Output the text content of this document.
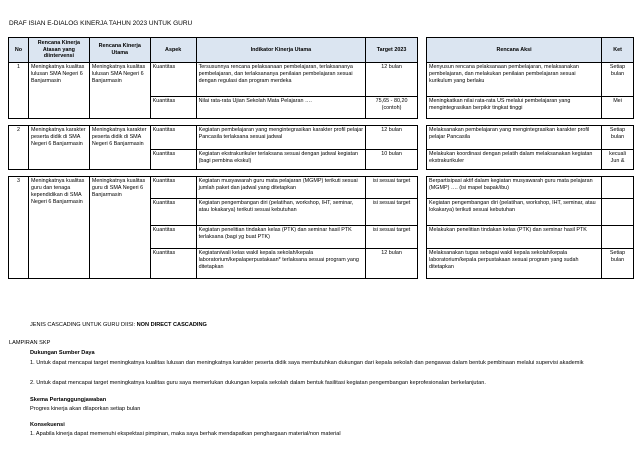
DRAF ISIAN E-DIALOG KINERJA TAHUN 2023 UNTUK GURU
No	Rencana Kinerja Atasan yang diintervensi	Rencana Kinerja Utama	Aspek	Indikator Kinerja Utama	Target 2023
1	Meningkatnya kualitas lulusan SMA Negeri 6 Banjarmasin	Meningkatnya kualitas lulusan SMA Negeri 6 Banjarmasin	Kuantitas	Tersusunnya rencana pelaksanaan pembelajaran, terlaksananya pembelajaran, dan terlaksananya penilaian pembelajaran sesuai dengan regulasi dan program merdeka	12 bulan
			Kuantitas	Nilai rata-rata Ujian Sekolah Mata Pelajaran ….	75,65 - 80,20 (contoh)

2	Meningkatnya karakter peserta didik di SMA Negeri 6 Banjarmasin	Meningkatnya karakter peserta didik di SMA Negeri 6 Banjarmasin	Kuantitas	Kegiatan pembelajaran yang mengintegrasikan karakter profil pelajar Pancasila terlaksana sesuai jadwal	12 bulan
			Kuantitas	Kegiatan ekstrakurikuler terlaksana sesuai dengan jadwal kegiatan (bagi pembina ekskul)	10 bulan

3	Meningkatnya kualitas guru dan tenaga kependidikan di SMA Negeri 6 Banjarmasin	Meningkatnya kualitas guru di SMA Negeri 6 Banjarmasin	Kuantitas	Kegiatan musyawarah guru mata pelajaran (MGMP) terikuti sesuai jumlah paket dan jadwal yang ditetapkan	isi sesuai target
			Kuantitas	Kegiatan pengembangan diri (pelatihan, workshop, IHT, seminar, atau lokakarya) terikuti sesuai kebutuhan	isi sesuai target
			Kuantitas	Kegiatan penelitian tindakan kelas (PTK) dan seminar hasil PTK terlaksana (bagi yg buat PTK)	isi sesuai target
			Kuantitas	Kegiatan/wali kelas wakil kepala sekolah/kepala laboratorium/kepalaperpustakaan* terlaksana sesuai program yang ditetapkan	12 bulan
Rencana Aksi	Ket
Menyusun rencana pelaksanaan pembelajaran, melaksanakan pembelajaran, dan melakukan penilaian pembelajaran sesuai kurikulum yang berlaku	Setiap bulan
Meningkatkan nilai rata-rata US melalui pembelajaran yang mengintegrasikan berpikir tingkat tinggi	Mei

Melaksanakan pembelajaran yang mengintegrasikan karakter profil pelajar Pancasila	Setiap bulan
Melakukan koordinasi dengan pelatih dalam melaksanakan kegiatan ekstrakurikuler	kecuali Jun &

Berpartisipasi aktif dalam kegiatan musyawarah guru mata pelajaran (MGMP) …. (isi mapel bapak/ibu)	
Kegiatan pengembangan diri (pelatihan, workshop, IHT, seminar, atau lokakarya) terikuti sesuai kebutuhan	
Melakukan penelitian tindakan kelas (PTK) dan seminar hasil PTK	
Melaksanakan tugas sebagai wakil kepala sekolah/kepala laboratorium/kepala perpustakaan sesuai program yang sudah ditetapkan	Setiap bulan
JENIS CASCADING UNTUK GURU DIISI: NON DIRECT CASCADING
LAMPIRAN SKP
Dukungan Sumber Daya
1. Untuk dapat mencapai target meningkatnya kualitas lulusan dan meningkatnya karakter peserta didik saya membutuhkan dukungan dari kepala sekolah dan pengawas dalam bentuk pembinaan melalui supervisi akademik
2. Untuk dapat mencapai target meningkatnya kualitas guru saya memerlukan dukungan kepala sekolah dalam bentuk fasilitasi kegiatan pengembangan keprofesionalan berkelanjutan.
Skema Pertanggungjawaban
Progres kinerja akan dilaporkan setiap bulan
Konsekuensi
1. Apabila kinerja dapat memenuhi ekspektasi pimpinan, maka saya berhak mendapatkan penghargaan material/non material
